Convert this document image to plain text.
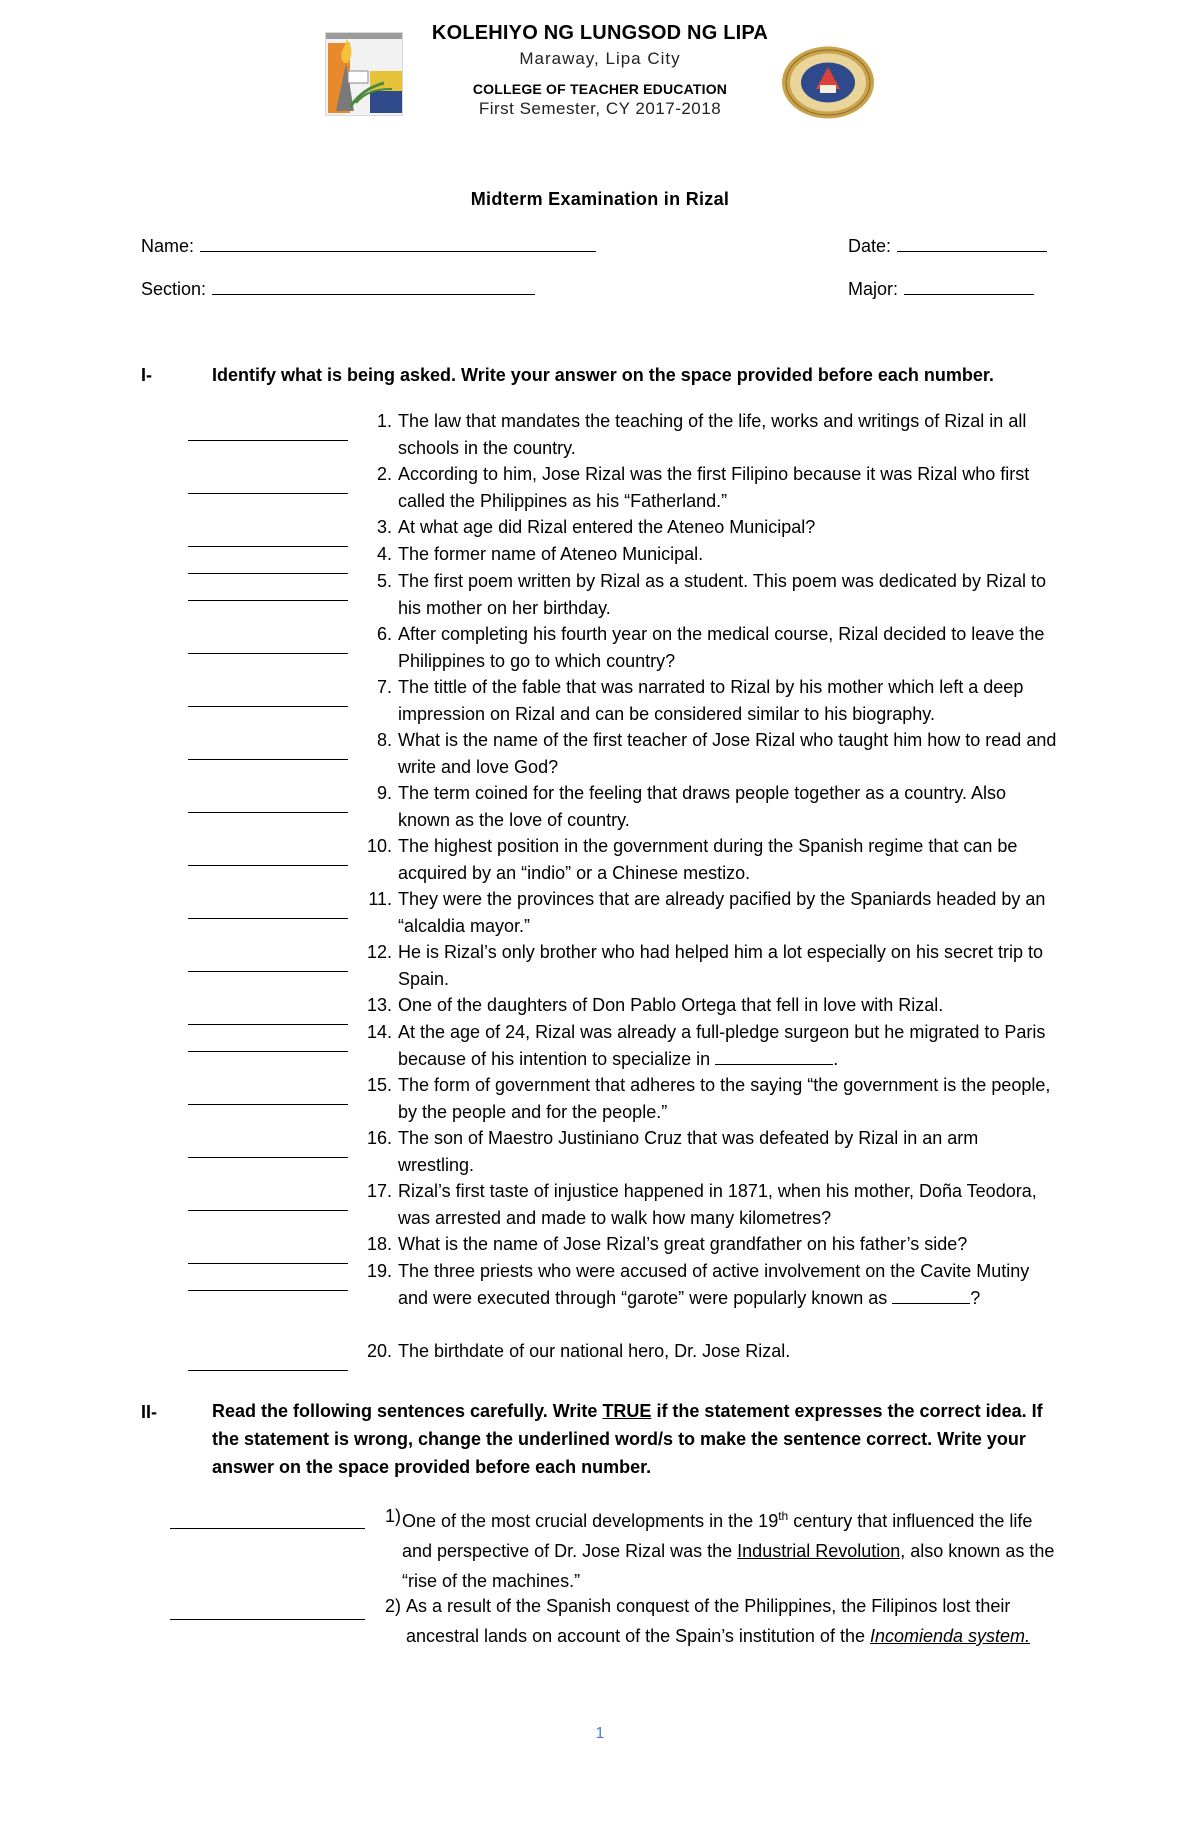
KOLEHIYO NG LUNGSOD NG LIPA
Maraway, Lipa City
COLLEGE OF TEACHER EDUCATION
First Semester, CY 2017-2018
Midterm Examination in Rizal
Name:	Date:
Section:	Major:
I-	Identify what is being asked. Write your answer on the space provided before each number.
1. The law that mandates the teaching of the life, works and writings of Rizal in all schools in the country.
2. According to him, Jose Rizal was the first Filipino because it was Rizal who first called the Philippines as his “Fatherland.”
3. At what age did Rizal entered the Ateneo Municipal?
4. The former name of Ateneo Municipal.
5. The first poem written by Rizal as a student. This poem was dedicated by Rizal to his mother on her birthday.
6. After completing his fourth year on the medical course, Rizal decided to leave the Philippines to go to which country?
7. The tittle of the fable that was narrated to Rizal by his mother which left a deep impression on Rizal and can be considered similar to his biography.
8. What is the name of the first teacher of Jose Rizal who taught him how to read and write and love God?
9. The term coined for the feeling that draws people together as a country. Also known as the love of country.
10. The highest position in the government during the Spanish regime that can be acquired by an “indio” or a Chinese mestizo.
11. They were the provinces that are already pacified by the Spaniards headed by an “alcaldia mayor.”
12. He is Rizal’s only brother who had helped him a lot especially on his secret trip to Spain.
13. One of the daughters of Don Pablo Ortega that fell in love with Rizal.
14. At the age of 24, Rizal was already a full-pledge surgeon but he migrated to Paris because of his intention to specialize in	.
15. The form of government that adheres to the saying “the government is the people, by the people and for the people.”
16. The son of Maestro Justiniano Cruz that was defeated by Rizal in an arm wrestling.
17. Rizal’s first taste of injustice happened in 1871, when his mother, Doña Teodora, was arrested and made to walk how many kilometres?
18. What is the name of Jose Rizal’s great grandfather on his father’s side?
19. The three priests who were accused of active involvement on the Cavite Mutiny and were executed through “garote” were popularly known as	?
20. The birthdate of our national hero, Dr. Jose Rizal.
II-	Read the following sentences carefully. Write TRUE if the statement expresses the correct idea. If the statement is wrong, change the underlined word/s to make the sentence correct. Write your answer on the space provided before each number.
1) One of the most crucial developments in the 19th century that influenced the life and perspective of Dr. Jose Rizal was the Industrial Revolution, also known as the “rise of the machines.”
2) As a result of the Spanish conquest of the Philippines, the Filipinos lost their ancestral lands on account of the Spain’s institution of the Incomienda system.
1
